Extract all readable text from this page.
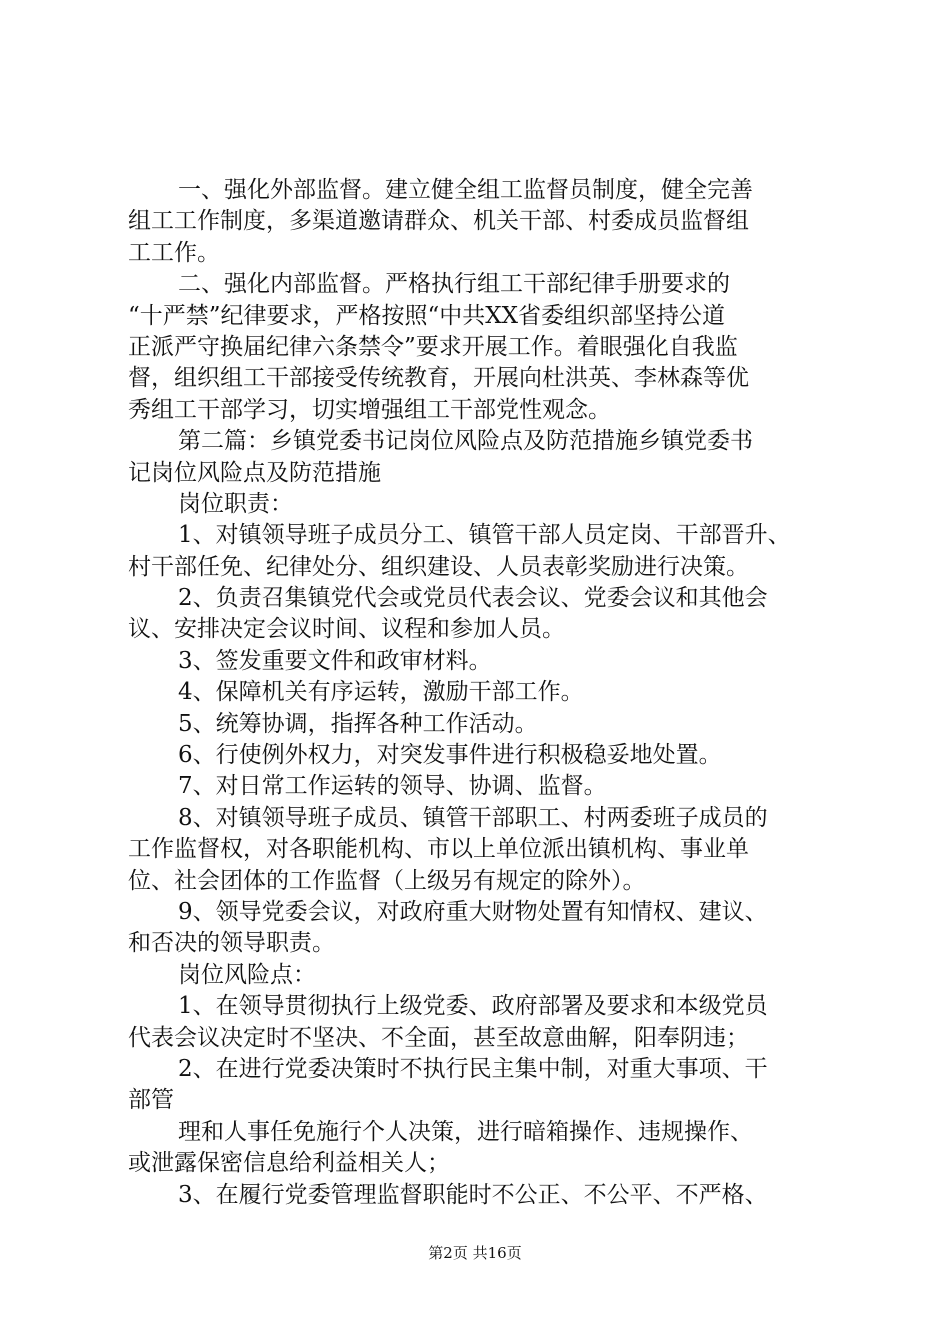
一、强化外部监督。建立健全组工监督员制度，健全完善
组工工作制度，多渠道邀请群众、机关干部、村委成员监督组
工工作。
二、强化内部监督。严格执行组工干部纪律手册要求的
“十严禁”纪律要求，严格按照“中共XX省委组织部坚持公道
正派严守换届纪律六条禁令”要求开展工作。着眼强化自我监
督，组织组工干部接受传统教育，开展向杜洪英、李林森等优
秀组工干部学习，切实增强组工干部党性观念。
第二篇：乡镇党委书记岗位风险点及防范措施乡镇党委书
记岗位风险点及防范措施
岗位职责：
1、对镇领导班子成员分工、镇管干部人员定岗、干部晋升、
村干部任免、纪律处分、组织建设、人员表彰奖励进行决策。
2、负责召集镇党代会或党员代表会议、党委会议和其他会
议、安排决定会议时间、议程和参加人员。
3、签发重要文件和政审材料。
4、保障机关有序运转，激励干部工作。
5、统筹协调，指挥各种工作活动。
6、行使例外权力，对突发事件进行积极稳妥地处置。
7、对日常工作运转的领导、协调、监督。
8、对镇领导班子成员、镇管干部职工、村两委班子成员的
工作监督权，对各职能机构、市以上单位派出镇机构、事业单
位、社会团体的工作监督（上级另有规定的除外）。
9、领导党委会议，对政府重大财物处置有知情权、建议、
和否决的领导职责。
岗位风险点：
1、在领导贯彻执行上级党委、政府部署及要求和本级党员
代表会议决定时不坚决、不全面，甚至故意曲解，阳奉阴违；
2、在进行党委决策时不执行民主集中制，对重大事项、干
部管
理和人事任免施行个人决策，进行暗箱操作、违规操作、
或泄露保密信息给利益相关人；
3、在履行党委管理监督职能时不公正、不公平、不严格、
第2页 共16页
